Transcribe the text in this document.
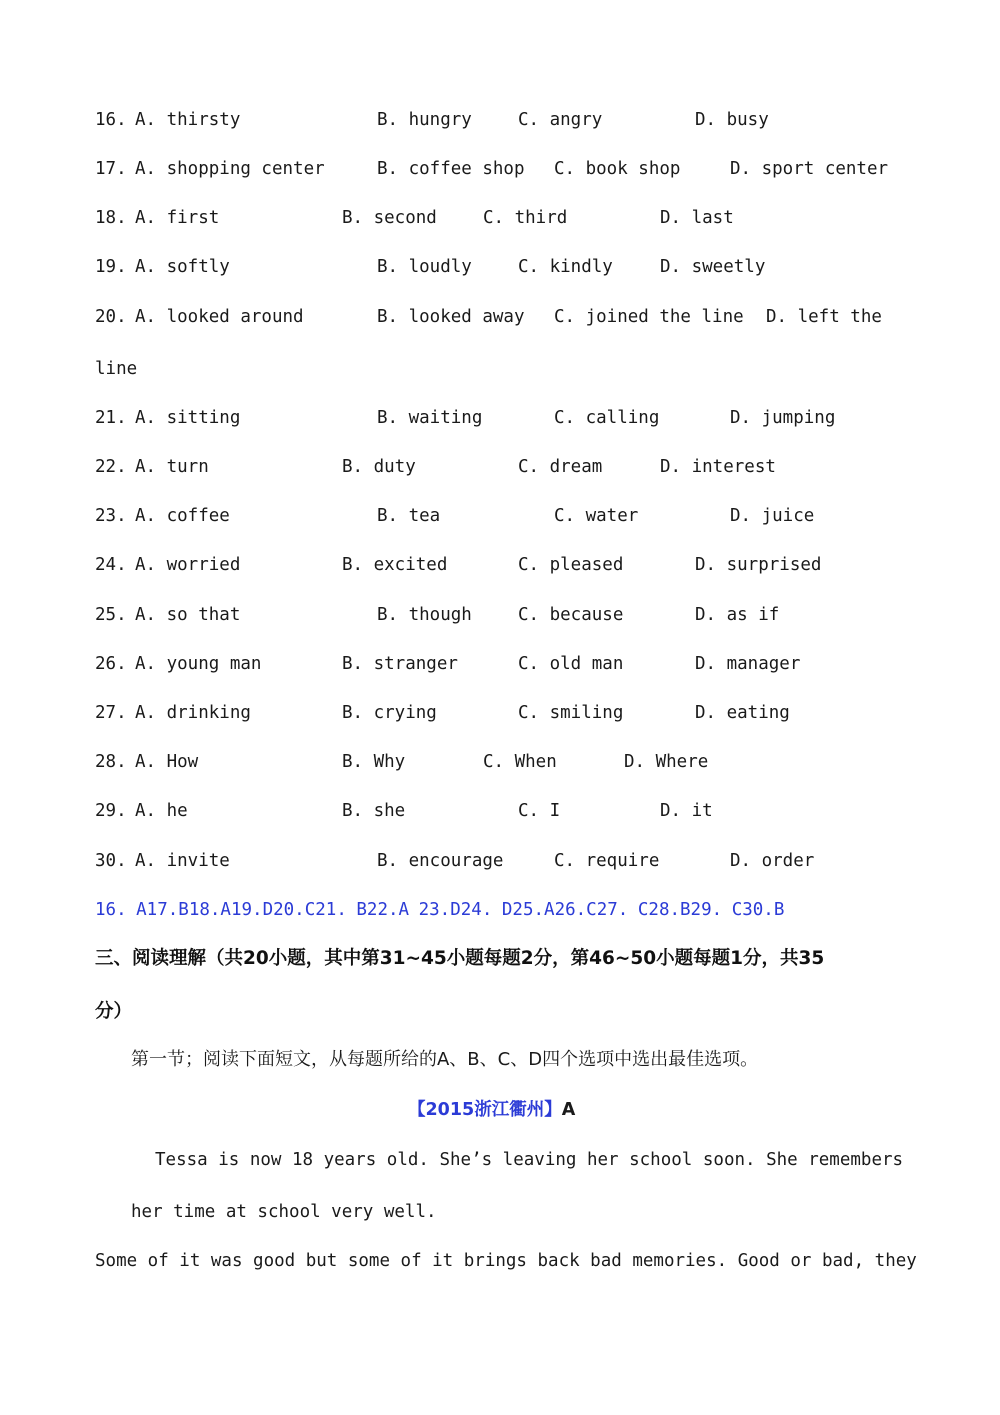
16. A. thirsty	B. hungry	C. angry	D. busy
17. A. shopping center	B. coffee shop C. book shop	D. sport center
18. A. first	B. second	C. third	D. last
19. A. softly	B. loudly	C. kindly	D. sweetly
20. A. looked around	B. looked away C. joined the line D. left the
line
21. A. sitting	B. waiting	C. calling	D. jumping
22. A. turn	B. duty	C. dream	D. interest
23. A. coffee	B. tea	C. water	D. juice
24. A. worried	B. excited	C. pleased	D. surprised
25. A. so that	B. though	C. because	D. as if
26. A. young man	B. stranger	C. old man	D. manager
27. A. drinking	B. crying	C. smiling	D. eating
28. A. How	B. Why	C. When	D. Where
29. A. he	B. she	C. I	D. it
30. A. invite	B. encourage	C. require	D. order
16. A17.B18.A19.D20.C21. B22.A 23.D24. D25.A26.C27. C28.B29. C30.B
三、阅读理解（共20小题，其中第31~45小题每题2分，第46~50小题每题1分，共35
分）
第一节；阅读下面短文，从每题所给的A、B、C、D四个选项中选出最佳选项。
【2015浙江衢州】A
Tessa is now 18 years old. She’s leaving her school soon. She remembers
her time at school very well.
Some of it was good but some of it brings back bad memories. Good or bad, they
